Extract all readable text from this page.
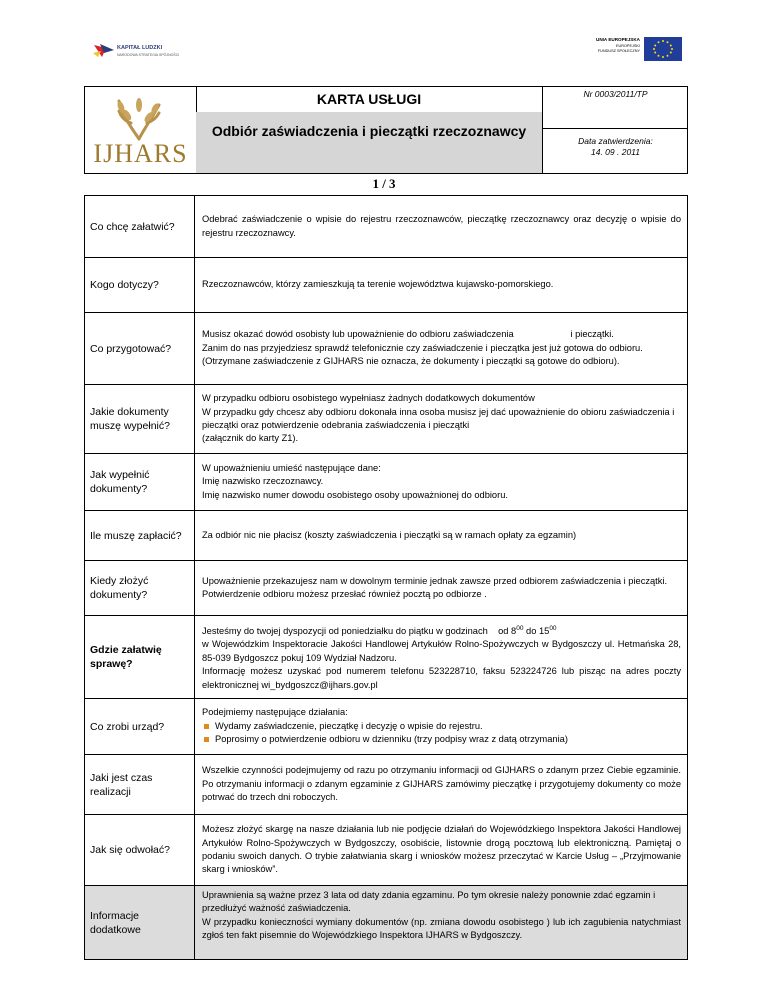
KAPITAŁ LUDZKI
NARODOWA STRATEGIA SPÓJNOŚCI
UNIA EUROPEJSKA
EUROPEJSKI
FUNDUSZ SPOŁECZNY
IJHARS
KARTA USŁUGI
Odbiór zaświadczenia i pieczątki rzeczoznawcy
Nr 0003/2011/TP
Data zatwierdzenia:
14. 09 . 2011
1 / 3
Co chcę załatwić?

Odebrać zaświadczenie o wpisie do rejestru rzeczoznawców, pieczątkę rzeczoznawcy oraz decyzję o wpisie do rejestru rzeczoznawcy.

Kogo dotyczy?	Rzeczoznawców, którzy zamieszkują ta terenie województwa kujawsko-pomorskiego.

Co przygotować?

Musisz okazać dowód osobisty lub upoważnienie do odbioru zaświadczenia                      i pieczątki.

Zanim do nas przyjedziesz sprawdź telefonicznie czy zaświadczenie i pieczątka jest już gotowa do odbioru.

(Otrzymane zaświadczenie z GIJHARS nie oznacza, że dokumenty i pieczątki są gotowe do odbioru).

Jakie dokumenty muszę wypełnić?

W przypadku odbioru osobistego wypełniasz żadnych dodatkowych dokumentów

W przypadku gdy chcesz aby odbioru dokonała inna osoba musisz jej dać upoważnienie do obioru zaświadczenia i pieczątki oraz potwierdzenie odebrania zaświadczenia i pieczątki

(załącznik do karty Z1).

Jak wypełnić dokumenty?

W upoważnieniu umieść następujące dane:

Imię nazwisko rzeczoznawcy.

Imię nazwisko numer dowodu osobistego osoby upoważnionej do odbioru.

Ile muszę zapłacić?	Za odbiór nic nie płacisz (koszty zaświadczenia i pieczątki są w ramach opłaty za egzamin)

Kiedy złożyć dokumenty?

Upoważnienie przekazujesz nam w dowolnym terminie jednak zawsze przed odbiorem zaświadczenia i pieczątki.

Potwierdzenie odbioru możesz przesłać również pocztą po odbiorze .

Gdzie załatwię sprawę?

Jesteśmy do twojej dyspozycji od poniedziałku do piątku w godzinach    od $8^{00}$ do $15^{00}$

w Wojewódzkim Inspektoracie Jakości Handlowej Artykułów Rolno-Spożywczych w Bydgoszczy ul. Hetmańska 28, 85-039 Bydgoszcz pokuj 109 Wydział Nadzoru.

Informację możesz uzyskać pod numerem telefonu 523228710, faksu 523224726 lub pisząc na adres poczty elektronicznej wi_bydgoszcz@ijhars.gov.pl

Co zrobi urząd?

Podejmiemy następujące działania:

Wydamy zaświadczenie, pieczątkę i decyzję o wpisie do rejestru.
Poprosimy o potwierdzenie odbioru w dzienniku (trzy podpisy wraz z datą otrzymania)
Jaki jest czas realizacji

Wszelkie czynności podejmujemy od razu po otrzymaniu informacji od GIJHARS o zdanym przez Ciebie egzaminie. Po otrzymaniu informacji o zdanym egzaminie z GIJHARS zamówimy pieczątkę i przygotujemy dokumenty co może potrwać do trzech dni roboczych.

Jak się odwołać?

Możesz złożyć skargę na nasze działania lub nie podjęcie działań do Wojewódzkiego Inspektora Jakości Handlowej Artykułów Rolno-Spożywczych w Bydgoszczy, osobiście, listownie drogą pocztową lub elektroniczną. Pamiętaj o podaniu swoich danych. O trybie załatwiania skarg i wniosków możesz przeczytać w Karcie Usług – „Przyjmowanie skarg i wniosków”.

Informacje dodatkowe

Uprawnienia są ważne przez 3 lata od daty zdania egzaminu. Po tym okresie należy ponownie zdać egzamin i przedłużyć ważność zaświadczenia.

W przypadku konieczności wymiany dokumentów (np. zmiana dowodu osobistego ) lub ich zagubienia natychmiast zgłoś ten fakt pisemnie do Wojewódzkiego Inspektora IJHARS w Bydgoszczy.
